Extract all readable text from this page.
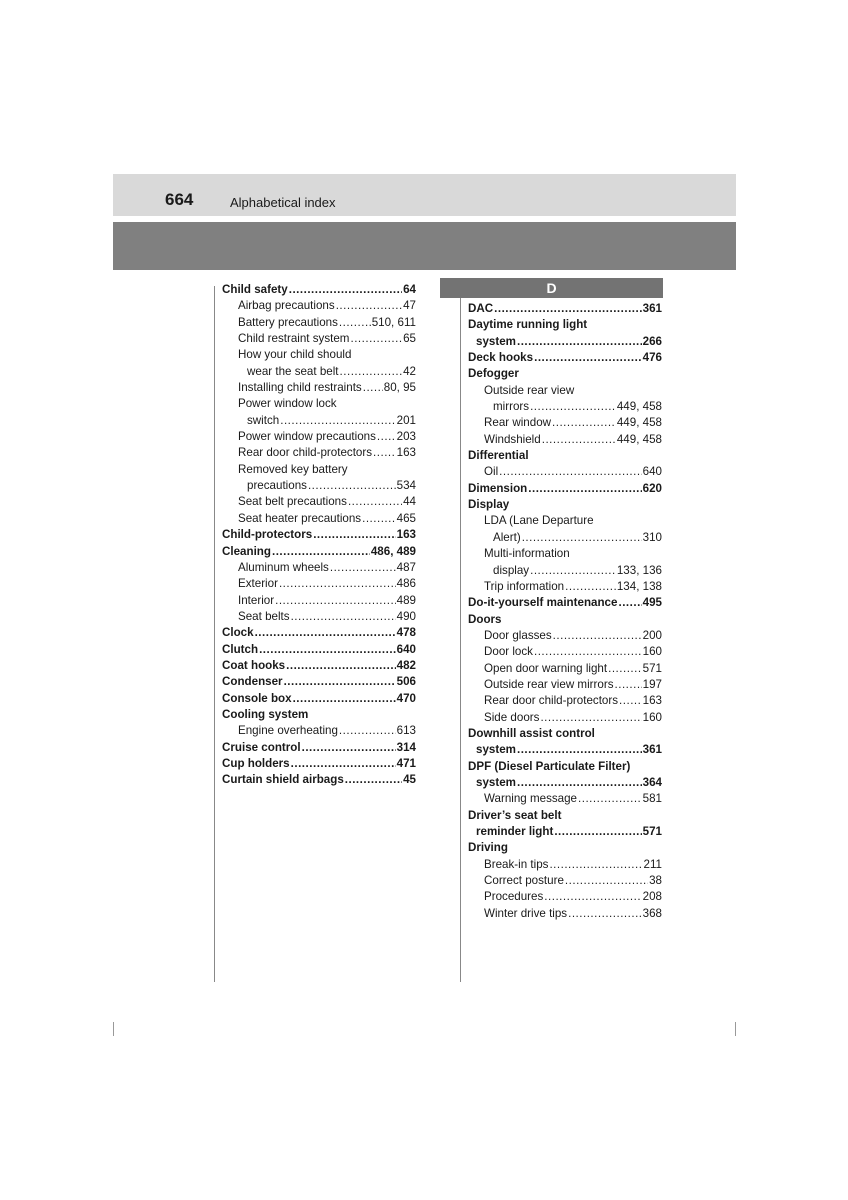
664	Alphabetical index
D
Child safety .....	64
Airbag precautions .....	47
Battery precautions .....	510, 611
Child restraint system .....	65
How your child should
wear the seat belt .....	42
Installing child restraints ..... 80, 95
Power window lock
switch .....	201
Power window precautions ..... 203
Rear door child-protectors ..... 163
Removed key battery
precautions .....	534
Seat belt precautions .....	44
Seat heater precautions .....	465
Child-protectors .....	163
Cleaning .....	486, 489
Aluminum wheels .....	487
Exterior .....	486
Interior .....	489
Seat belts .....	490
Clock .....	478
Clutch .....	640
Coat hooks .....	482
Condenser .....	506
Console box .....	470
Cooling system
Engine overheating .....	613
Cruise control .....	314
Cup holders .....	471
Curtain shield airbags .....	45
DAC .....	361
Daytime running light
system .....	266
Deck hooks .....	476
Defogger
Outside rear view
mirrors .....	449, 458
Rear window .....	449, 458
Windshield .....	449, 458
Differential
Oil .....	640
Dimension .....	620
Display
LDA (Lane Departure
Alert) .....	310
Multi-information
display .....	133, 136
Trip information .....	134, 138
Do-it-yourself maintenance ..... 495
Doors
Door glasses .....	200
Door lock .....	160
Open door warning light .....	571
Outside rear view mirrors .....	197
Rear door child-protectors ..... 163
Side doors .....	160
Downhill assist control
system .....	361
DPF (Diesel Particulate Filter)
system .....	364
Warning message .....	581
Driver’s seat belt
reminder light .....	571
Driving
Break-in tips .....	211
Correct posture .....	38
Procedures .....	208
Winter drive tips .....	368
